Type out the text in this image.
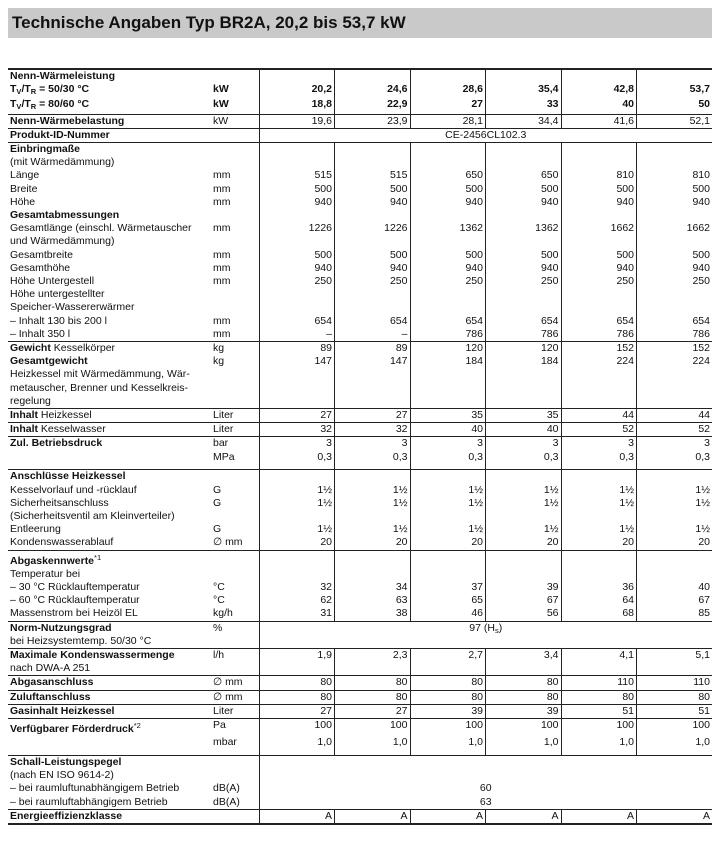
Technische Angaben Typ BR2A, 20,2 bis 53,7 kW
Nenn-Wärmeleistung							
$T_V/T_R = 50/30$ °C	kW	20,2	24,6	28,6	35,4	42,8	53,7
$T_V/T_R = 80/60$ °C	kW	18,8	22,9	27	33	40	50
Nenn-Wärmebelastung	kW	19,6	23,9	28,1	34,4	41,6	52,1
Produkt-ID-Nummer		CE-2456CL102.3					

Einbringmaße
(mit Wärmedämmung)							

Länge	mm	515	515	650	650	810	810
Breite	mm	500	500	500	500	500	500
Höhe	mm	940	940	940	940	940	940
Gesamtabmessungen							

Gesamtlänge (einschl. Wärmetauscher
und Wärmedämmung)	mm	1226	1226	1362	1362	1662	1662
Gesamtbreite	mm	500	500	500	500	500	500
Gesamthöhe	mm	940	940	940	940	940	940
Höhe Untergestell	mm	250	250	250	250	250	250

Höhe untergestellter
Speicher-Wassererwärmer							

– Inhalt 130 bis 200 l	mm	654	654	654	654	654	654
– Inhalt 350 l	mm	–	–	786	786	786	786
Gewicht Kesselkörper	kg	89	89	120	120	152	152

Gesamtgewicht
Heizkessel mit Wärmedämmung, Wär-
metauscher, Brenner und Kesselkreis-
regelung	kg	147	147	184	184	224	224
Inhalt Heizkessel	Liter	27	27	35	35	44	44
Inhalt Kesselwasser	Liter	32	32	40	40	52	52
Zul. Betriebsdruck	bar	3	3	3	3	3	3
	MPa	0,3	0,3	0,3	0,3	0,3	0,3

Anschlüsse Heizkessel							
Kesselvorlauf und -rücklauf	G	1½	1½	1½	1½	1½	1½

Sicherheitsanschluss
(Sicherheitsventil am Kleinverteiler)	G	1½	1½	1½	1½	1½	1½
Entleerung	G	1½	1½	1½	1½	1½	1½
Kondenswasserablauf	∅ mm	20	20	20	20	20	20
Abgaskennwerte$^{*1}$
Temperatur bei							

– 30 °C Rücklauftemperatur	°C	32	34	37	39	36	40
– 60 °C Rücklauftemperatur	°C	62	63	65	67	64	67
Massenstrom bei Heizöl EL	kg/h	31	38	46	56	68	85

Norm-Nutzungsgrad
bei Heizsystemtemp. 50/30 °C	%	97 $(H_s)$					

Maximale Kondenswassermenge
nach DWA-A 251	l/h	1,9	2,3	2,7	3,4	4,1	5,1
Abgasanschluss	∅ mm	80	80	80	80	110	110
Zuluftanschluss	∅ mm	80	80	80	80	80	80
Gasinhalt Heizkessel	Liter	27	27	39	39	51	51
Verfügbarer Förderdruck$^{*2}$	Pa	100	100	100	100	100	100
	mbar	1,0	1,0	1,0	1,0	1,0	1,0

Schall-Leistungspegel
(nach EN ISO 9614-2)							

– bei raumluftunabhängigem Betrieb	dB(A)	60					
– bei raumluftabhängigem Betrieb	dB(A)	63					
Energieeffizienzklasse		A	A	A	A	A	A
